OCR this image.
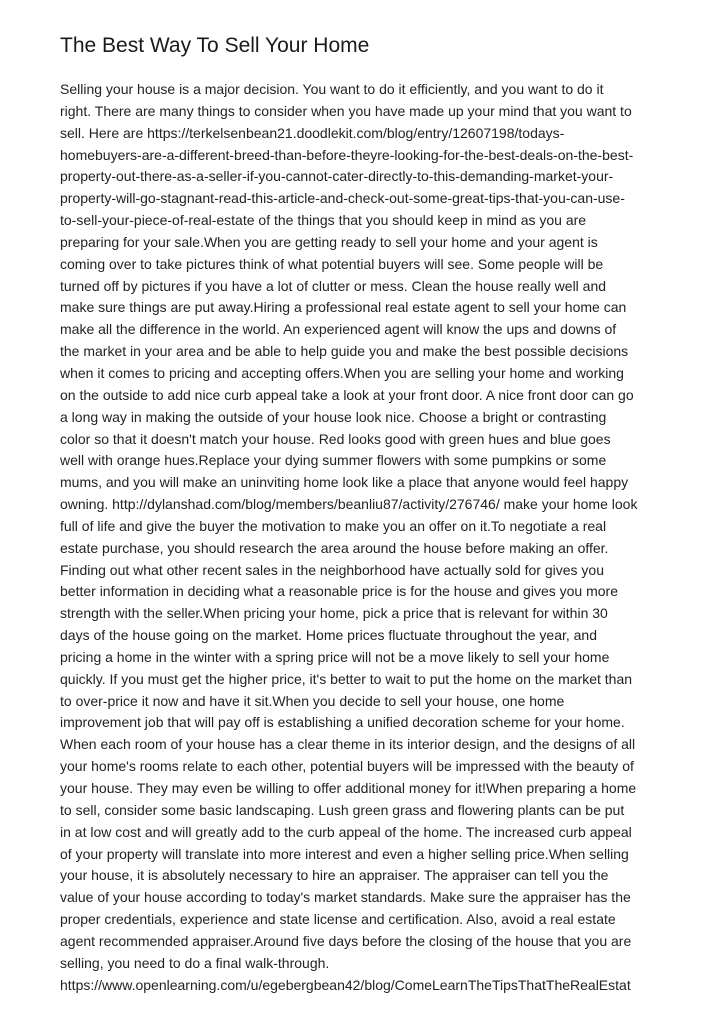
The Best Way To Sell Your Home
Selling your house is a major decision. You want to do it efficiently, and you want to do it
right. There are many things to consider when you have made up your mind that you want to
sell. Here are https://terkelsenbean21.doodlekit.com/blog/entry/12607198/todays-
homebuyers-are-a-different-breed-than-before-theyre-looking-for-the-best-deals-on-the-best-
property-out-there-as-a-seller-if-you-cannot-cater-directly-to-this-demanding-market-your-
property-will-go-stagnant-read-this-article-and-check-out-some-great-tips-that-you-can-use-
to-sell-your-piece-of-real-estate of the things that you should keep in mind as you are
preparing for your sale.When you are getting ready to sell your home and your agent is
coming over to take pictures think of what potential buyers will see. Some people will be
turned off by pictures if you have a lot of clutter or mess. Clean the house really well and
make sure things are put away.Hiring a professional real estate agent to sell your home can
make all the difference in the world. An experienced agent will know the ups and downs of
the market in your area and be able to help guide you and make the best possible decisions
when it comes to pricing and accepting offers.When you are selling your home and working
on the outside to add nice curb appeal take a look at your front door. A nice front door can go
a long way in making the outside of your house look nice. Choose a bright or contrasting
color so that it doesn't match your house. Red looks good with green hues and blue goes
well with orange hues.Replace your dying summer flowers with some pumpkins or some
mums, and you will make an uninviting home look like a place that anyone would feel happy
owning. http://dylanshad.com/blog/members/beanliu87/activity/276746/ make your home look
full of life and give the buyer the motivation to make you an offer on it.To negotiate a real
estate purchase, you should research the area around the house before making an offer.
Finding out what other recent sales in the neighborhood have actually sold for gives you
better information in deciding what a reasonable price is for the house and gives you more
strength with the seller.When pricing your home, pick a price that is relevant for within 30
days of the house going on the market. Home prices fluctuate throughout the year, and
pricing a home in the winter with a spring price will not be a move likely to sell your home
quickly. If you must get the higher price, it's better to wait to put the home on the market than
to over-price it now and have it sit.When you decide to sell your house, one home
improvement job that will pay off is establishing a unified decoration scheme for your home.
When each room of your house has a clear theme in its interior design, and the designs of all
your home's rooms relate to each other, potential buyers will be impressed with the beauty of
your house. They may even be willing to offer additional money for it!When preparing a home
to sell, consider some basic landscaping. Lush green grass and flowering plants can be put
in at low cost and will greatly add to the curb appeal of the home. The increased curb appeal
of your property will translate into more interest and even a higher selling price.When selling
your house, it is absolutely necessary to hire an appraiser. The appraiser can tell you the
value of your house according to today's market standards. Make sure the appraiser has the
proper credentials, experience and state license and certification. Also, avoid a real estate
agent recommended appraiser.Around five days before the closing of the house that you are
selling, you need to do a final walk-through.
https://www.openlearning.com/u/egebergbean42/blog/ComeLearnTheTipsThatTheRealEstat
